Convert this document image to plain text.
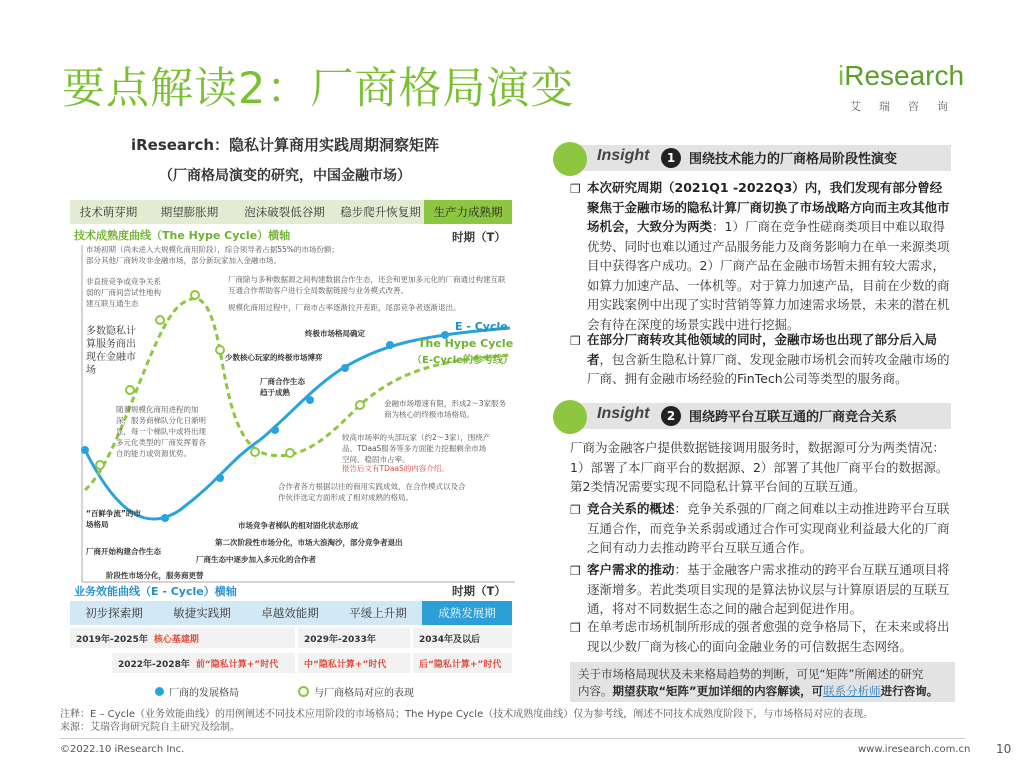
要点解读2：厂商格局演变	iResearch
艾瑞咨询
iResearch：隐私计算商用实践周期洞察矩阵
（厂商格局演变的研究，中国金融市场）
技术萌芽期	期望膨胀期	泡沫破裂低谷期	稳步爬升恢复期	生产力成熟期
技术成熟度曲线（The Hype Cycle）横轴	时期（T）
E - Cycle
The Hype Cycle
（E-Cycle的参考线）
市场初期（尚未进入大规模化商用阶段），综合领导者占据55%的市场份额；部分其他厂商转攻非金融市场，部分新玩家加入金融市场。
非直接竞争或竞争关系弱的厂商间尝试性地构建互联互通生态
厂商除与多种数据源之间构建数据合作生态，还会和更加多元化的厂商通过构建互联互通合作帮助客户进行全局数据链接与业务模式改善。
规模化商用过程中，厂商市占率逐渐拉开差距，尾部竞争者逐渐退出。
多数隐私计算服务商出现在金融市场
随着规模化商用进程的加深，服务商梯队分化日渐明显，每一个梯队中或将出现多元化类型的厂商发挥着各自的能力或资源优势。
金融市场增速有限，形成2～3家服务商为核心的终极市场格局。
较高市场率的头部玩家（约2～3家），围绕产品、TDaaS服务等多方面能力挖掘剩余市场空间、稳固市占率。
报告后文有TDaaS的内容介绍。
合作者各方根据以往的商用实践成效，在合作模式以及合作伙伴选定方面形成了相对成熟的格局。
终极市场格局确定
少数核心玩家的终极市场博弈
厂商合作生态趋于成熟
“百鲜争流”的市场格局	市场竞争者梯队的相对固化状态形成
第二次阶段性市场分化，市场大浪淘沙，部分竞争者退出
厂商开始构建合作生态
厂商生态中逐步加入多元化的合作者
阶段性市场分化，服务商更替
业务效能曲线（E - Cycle）横轴	时期（T）
初步探索期	敏捷实践期	卓越效能期	平缓上升期	成熟发展期
2019年-2025年 核心基建期	2029年-2033年	2034年及以后
2022年-2028年 前“隐私计算+”时代	中“隐私计算+”时代	后“隐私计算+”时代
厂商的发展格局	与厂商格局对应的表现
Insight	1	围绕技术能力的厂商格局阶段性演变
❒ 本次研究周期（2021Q1 -2022Q3）内，我们发现有部分曾经聚焦于金融市场的隐私计算厂商切换了市场战略方向而主攻其他市场机会，大致分为两类：1）厂商在竞争性磋商类项目中难以取得优势、同时也难以通过产品服务能力及商务影响力在单一来源类项目中获得客户成功。2）厂商产品在金融市场暂未拥有较大需求，如算力加速产品、一体机等。对于算力加速产品，目前在少数的商用实践案例中出现了实时营销等算力加速需求场景，未来的潜在机会有待在深度的场景实践中进行挖掘。
❒ 在部分厂商转攻其他领域的同时，金融市场也出现了部分后入局者，包含新生隐私计算厂商、发现金融市场机会而转攻金融市场的厂商、拥有金融市场经验的FinTech公司等类型的服务商。
Insight	2	围绕跨平台互联互通的厂商竞合关系
厂商为金融客户提供数据链接调用服务时，数据源可分为两类情况：1）部署了本厂商平台的数据源、2）部署了其他厂商平台的数据源。第2类情况需要实现不同隐私计算平台间的互联互通。
❒ 竞合关系的概述：竞争关系强的厂商之间难以主动推进跨平台互联互通合作，而竞争关系弱或通过合作可实现商业利益最大化的厂商之间有动力去推动跨平台互联互通合作。
❒ 客户需求的推动：基于金融客户需求推动的跨平台互联互通项目将逐渐增多。若此类项目实现的是算法协议层与计算原语层的互联互通，将对不同数据生态之间的融合起到促进作用。
❒ 在单考虑市场机制所形成的强者愈强的竞争格局下，在未来或将出现以少数厂商为核心的面向金融业务的可信数据生态网络。
关于市场格局现状及未来格局趋势的判断，可见“矩阵”所阐述的研究
内容。期望获取“矩阵”更加详细的内容解读，可联系分析师进行咨询。
注释：E – Cycle（业务效能曲线）的用例阐述不同技术应用阶段的市场格局；The Hype Cycle（技术成熟度曲线）仅为参考线，阐述不同技术成熟度阶段下，与市场格局对应的表现。
来源：艾瑞咨询研究院自主研究及绘制。
©2022.10 iResearch Inc.	www.iresearch.com.cn 10
